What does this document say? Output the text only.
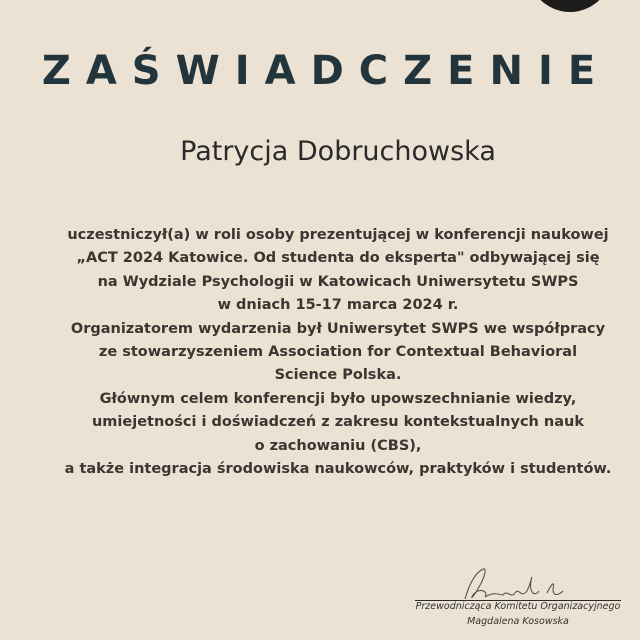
ZAŚWIADCZENIE
Patrycja Dobruchowska
uczestniczył(a) w roli osoby prezentującej w konferencji naukowej
„ACT 2024 Katowice. Od studenta do eksperta" odbywającej się
na Wydziale Psychologii w Katowicach Uniwersytetu SWPS
w dniach 15-17 marca 2024 r.
Organizatorem wydarzenia był Uniwersytet SWPS we współpracy
ze stowarzyszeniem Association for Contextual Behavioral
Science Polska.
Głównym celem konferencji było upowszechnianie wiedzy,
umiejetności i doświadczeń z zakresu kontekstualnych nauk
o zachowaniu (CBS),
a także integracja środowiska naukowców, praktyków i studentów.
Przewodnicząca Komitetu Organizacyjnego
Magdalena Kosowska
